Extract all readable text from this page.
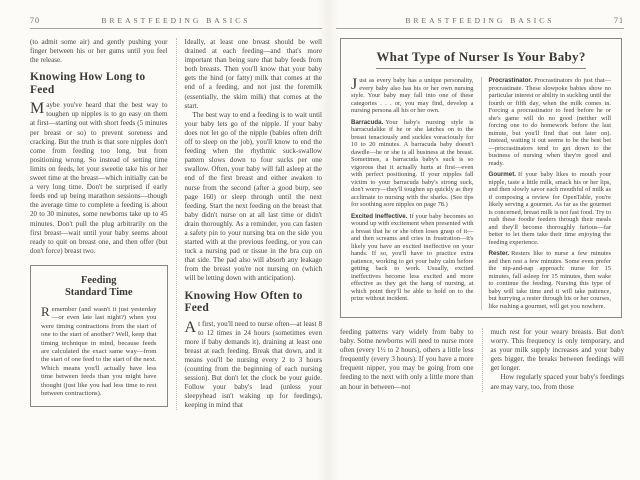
70	BREASTFEEDING BASICS

(to admit some air) and gently pushing your finger between his or her gums until you feel the release.

Knowing How Long to Feed

Maybe you've heard that the best way to toughen up nipples is to go easy on them at first—starting out with short feeds (5 minutes per breast or so) to prevent soreness and cracking. But the truth is that sore nipples don't come from feeding too long, but from positioning wrong. So instead of setting time limits on feeds, let your sweetie take his or her sweet time at the breast—which initially can be a very long time. Don't be surprised if early feeds end up being marathon sessions—though the average time to complete a feeding is about 20 to 30 minutes, some newborns take up to 45 minutes. Don't pull the plug arbitrarily on the first breast—wait until your baby seems about ready to quit on breast one, and then offer (but don't force) breast two.

Feeding
Standard Time

Remember (and wasn't it just yesterday—or even late last night?) when you were timing contractions from the start of one to the start of another? Well, keep that timing technique in mind, because feeds are calculated the exact same way—from the start of one feed to the start of the next. Which means you'll actually have less time between feeds than you might have thought (just like you had less time to rest between contractions).

Ideally, at least one breast should be well drained at each feeding—and that's more important than being sure that baby feeds from both breasts. Then you'll know that your baby gets the hind (or fatty) milk that comes at the end of a feeding, and not just the foremilk (essentially, the skim milk) that comes at the start.

The best way to end a feeding is to wait until your baby lets go of the nipple. If your baby does not let go of the nipple (babies often drift off to sleep on the job), you'll know to end the feeding when the rhythmic suck-swallow pattern slows down to four sucks per one swallow. Often, your baby will fall asleep at the end of the first breast and either awaken to nurse from the second (after a good burp, see page 160) or sleep through until the next feeding. Start the next feeding on the breast that baby didn't nurse on at all last time or didn't drain thoroughly. As a reminder, you can fasten a safety pin to your nursing bra on the side you started with at the previous feeding, or you can tuck a nursing pad or tissue in the bra cup on that side. The pad also will absorb any leakage from the breast you're not nursing on (which will be letting down with anticipation).

Knowing How Often to Feed

At first, you'll need to nurse often—at least 8 to 12 times in 24 hours (sometimes even more if baby demands it), draining at least one breast at each feeding. Break that down, and it means you'll be nursing every 2 to 3 hours (counting from the beginning of each nursing session). But don't let the clock be your guide. Follow your baby's lead (unless your sleepyhead isn't waking up for feedings), keeping in mind that

BREASTFEEDING BASICS	71
What Type of Nurser Is Your Baby?

Just as every baby has a unique personality, every baby also has his or her own nursing style. Your baby may fall into one of these categories . . . or, you may find, develop a nursing persona all his or her own.

Barracuda. Your baby's nursing style is barracudalike if he or she latches on to the breast tenaciously and suckles voraciously for 10 to 20 minutes. A barracuda baby doesn't dawdle—he or she is all business at the breast. Sometimes, a barracuda baby's suck is so vigorous that it actually hurts at first—even with perfect positioning. If your nipples fall victim to your barracuda baby's strong suck, don't worry—they'll toughen up quickly as they acclimate to nursing with the sharks. (See tips for soothing sore nipples on page 78.)

Excited Ineffective. If your baby becomes so wound up with excitement when presented with a breast that he or she often loses grasp of it—and then screams and cries in frustration—it's likely you have an excited ineffective on your hands. If so, you'll have to practice extra patience, working to get your baby calm before getting back to work. Usually, excited ineffectives become less excited and more effective as they get the hang of nursing, at which point they'll be able to hold on to the prize without incident.

Procrastinator. Procrastinators do just that—procrastinate. These slowpoke babies show no particular interest or ability in suckling until the fourth or fifth day, when the milk comes in. Forcing a procrastinator to feed before he or she's game will do no good (neither will forcing one to do homework before the last minute, but you'll find that out later on). Instead, waiting it out seems to be the best bet—procrastinators tend to get down to the business of nursing when they're good and ready.

Gourmet. If your baby likes to mouth your nipple, taste a little milk, smack his or her lips, and then slowly savor each mouthful of milk as if composing a review for OpenTable, you're likely serving a gourmet. As far as the gourmet is concerned, breast milk is not fast food. Try to rush these foodie feeders through their meals and they'll become thoroughly furious—far better to let them take their time enjoying the feeding experience.

Rester. Resters like to nurse a few minutes and then rest a few minutes. Some even prefer the nip-and-nap approach: nurse for 15 minutes, fall asleep for 15 minutes, then wake to continue the feeding. Nursing this type of baby will take time and it will take patience, but hurrying a rester through his or her courses, like rushing a gourmet, will get you nowhere.

feeding patterns vary widely from baby to baby. Some newborns will need to nurse more often (every 1½ to 2 hours), others a little less frequently (every 3 hours). If you have a more frequent nipper, you may be going from one feeding to the next with only a little more than an hour in between—not

much rest for your weary breasts. But don't worry. This frequency is only temporary, and as your milk supply increases and your baby gets bigger, the breaks between feedings will get longer.

How regularly spaced your baby's feedings are may vary, too, from those
